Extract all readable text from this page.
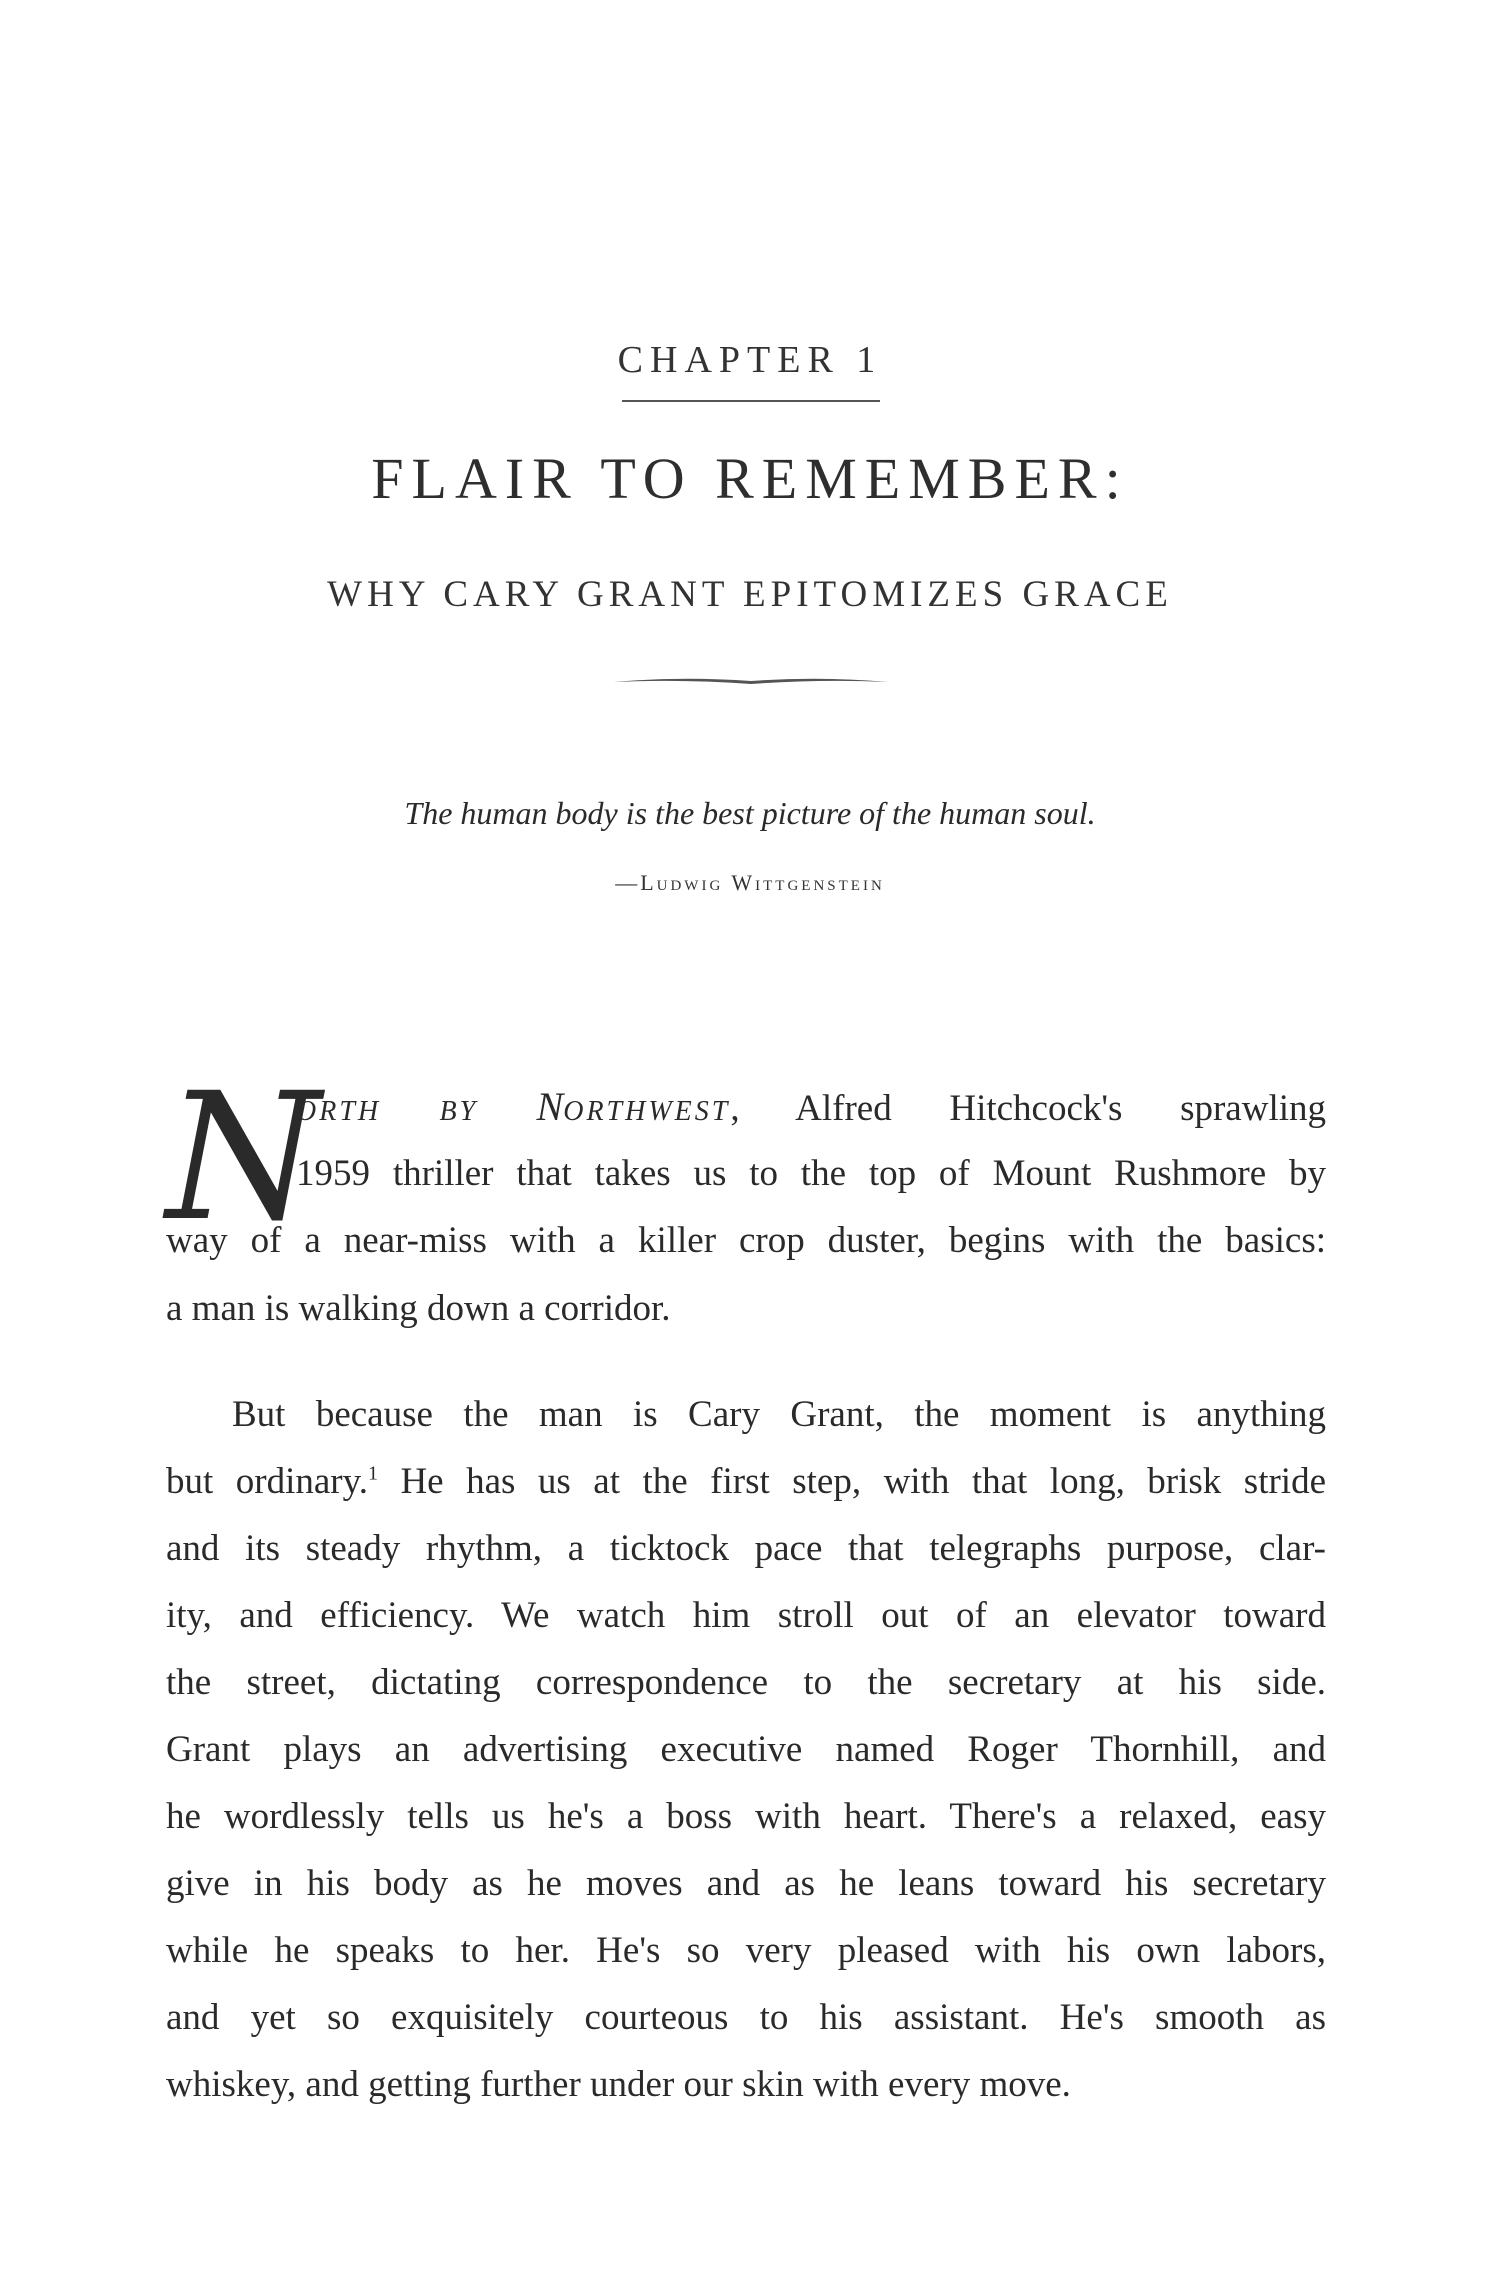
CHAPTER 1
FLAIR TO REMEMBER:
WHY CARY GRANT EPITOMIZES GRACE
The human body is the best picture of the human soul.
—Ludwig Wittgenstein
N
ORTH BY NORTHWEST, Alfred Hitchcock's sprawling
1959 thriller that takes us to the top of Mount Rushmore by
way of a near-miss with a killer crop duster, begins with the basics:
a man is walking down a corridor.
But because the man is Cary Grant, the moment is anything
but ordinary.$^1$ He has us at the first step, with that long, brisk stride
and its steady rhythm, a ticktock pace that telegraphs purpose, clar-
ity, and efficiency. We watch him stroll out of an elevator toward
the street, dictating correspondence to the secretary at his side.
Grant plays an advertising executive named Roger Thornhill, and
he wordlessly tells us he's a boss with heart. There's a relaxed, easy
give in his body as he moves and as he leans toward his secretary
while he speaks to her. He's so very pleased with his own labors,
and yet so exquisitely courteous to his assistant. He's smooth as
whiskey, and getting further under our skin with every move.
